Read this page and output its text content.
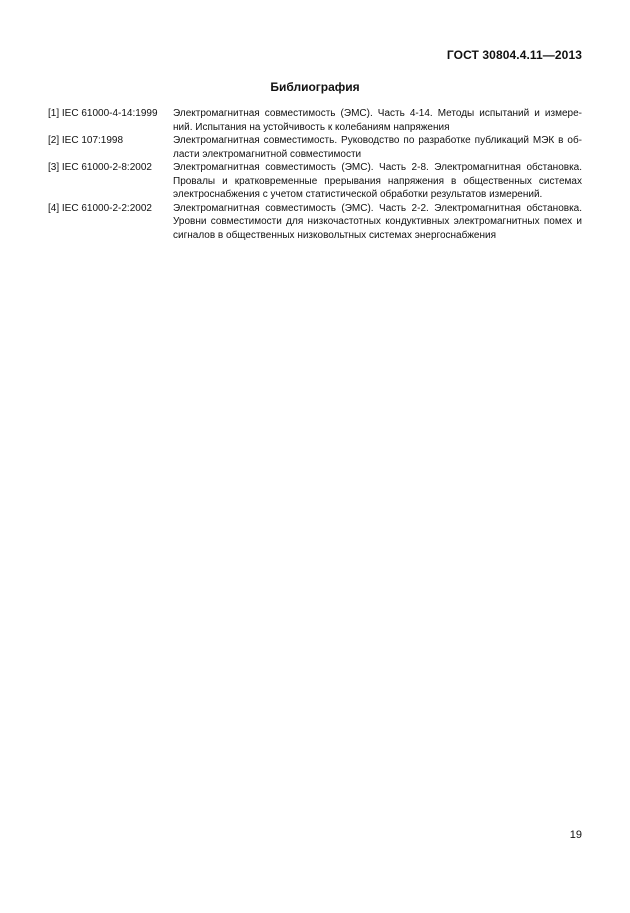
ГОСТ 30804.4.11—2013
Библиография
[1] IEC 61000-4-14:1999	Электромагнитная совместимость (ЭМС). Часть 4-14. Методы испытаний и измере-
ний. Испытания на устойчивость к колебаниям напряжения
[2] IEC 107:1998	Электромагнитная совместимость. Руководство по разработке публикаций МЭК в об-
ласти электромагнитной совместимости
[3] IEC 61000-2-8:2002	Электромагнитная совместимость (ЭМС). Часть 2-8. Электромагнитная обстановка.
Провалы и кратковременные прерывания напряжения в общественных системах
электроснабжения с учетом статистической обработки результатов измерений.
[4] IEC 61000-2-2:2002	Электромагнитная совместимость (ЭМС). Часть 2-2. Электромагнитная обстановка.
Уровни совместимости для низкочастотных кондуктивных электромагнитных помех и
сигналов в общественных низковольтных системах энергоснабжения
19
